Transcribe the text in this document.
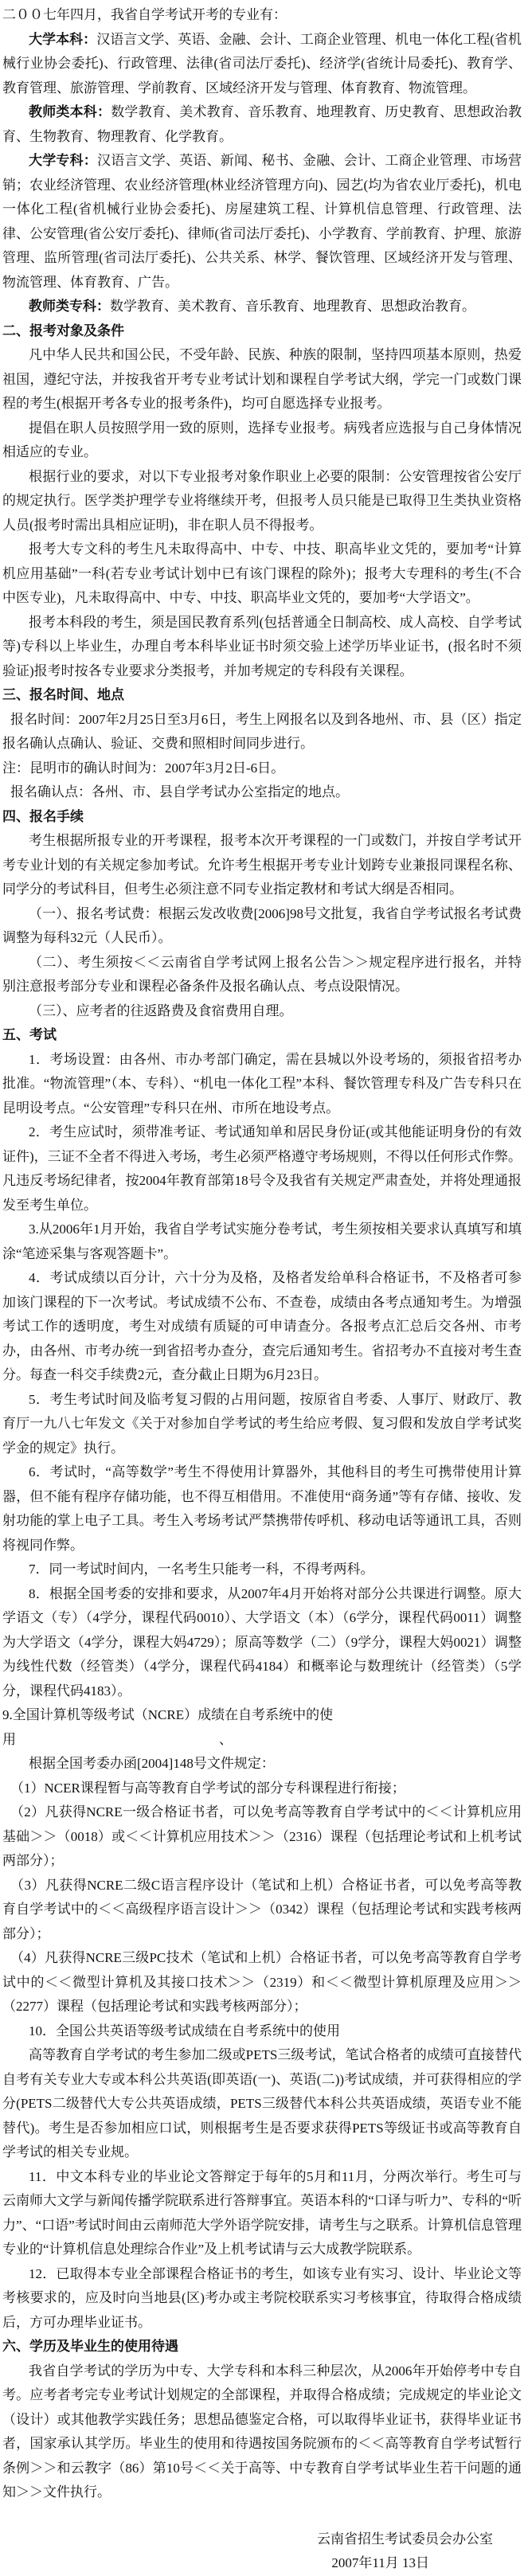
二００七年四月，我省自学考试开考的专业有：

大学本科：汉语言文学、英语、金融、会计、工商企业管理、机电一体化工程(省机械行业协会委托)、行政管理、法律(省司法厅委托)、经济学(省统计局委托)、教育学、教育管理、旅游管理、学前教育、区域经济开发与管理、体育教育、物流管理。

教师类本科：数学教育、美术教育、音乐教育、地理教育、历史教育、思想政治教育、生物教育、物理教育、化学教育。

大学专科：汉语言文学、英语、新闻、秘书、金融、会计、工商企业管理、市场营销；农业经济管理、农业经济管理(林业经济管理方向)、园艺(均为省农业厅委托)，机电一体化工程(省机械行业协会委托)、房屋建筑工程、计算机信息管理、行政管理、法律、公安管理(省公安厅委托)、律师(省司法厅委托)、小学教育、学前教育、护理、旅游管理、监所管理(省司法厅委托)、公共关系、林学、餐饮管理、区域经济开发与管理、物流管理、体育教育、广告。

教师类专科：数学教育、美术教育、音乐教育、地理教育、思想政治教育。

二、报考对象及条件

凡中华人民共和国公民，不受年龄、民族、种族的限制，坚持四项基本原则，热爱祖国，遵纪守法，并按我省开考专业考试计划和课程自学考试大纲，学完一门或数门课程的考生(根据开考各专业的报考条件)，均可自愿选择专业报考。

提倡在职人员按照学用一致的原则，选择专业报考。病残者应选报与自己身体情况相适应的专业。

根据行业的要求，对以下专业报考对象作职业上必要的限制：公安管理按省公安厅的规定执行。医学类护理学专业将继续开考，但报考人员只能是已取得卫生类执业资格人员(报考时需出具相应证明)，非在职人员不得报考。

报考大专文科的考生凡未取得高中、中专、中技、职高毕业文凭的，要加考“计算机应用基础”一科(若专业考试计划中已有该门课程的除外)；报考大专理科的考生(不合中医专业)，凡未取得高中、中专、中技、职高毕业文凭的，要加考“大学语文”。

报考本科段的考生，须是国民教育系列(包括普通全日制高校、成人高校、自学考试等)专科以上毕业生，办理自考本科毕业证书时须交验上述学历毕业证书，(报名时不须验证)报考时按各专业要求分类报考，并加考规定的专科段有关课程。

三、报名时间、地点

报名时间：2007年2月25日至3月6日，考生上网报名以及到各地州、市、县（区）指定报名确认点确认、验证、交费和照相时间同步进行。

注：昆明市的确认时间为：2007年3月2日-6日。

报名确认点：各州、市、县自学考试办公室指定的地点。

四、报名手续

考生根据所报专业的开考课程，报考本次开考课程的一门或数门，并按自学考试开考专业计划的有关规定参加考试。允许考生根据开考专业计划跨专业兼报同课程名称、同学分的考试科目，但考生必须注意不同专业指定教材和考试大纲是否相同。

（一）、报名考试费：根据云发改收费[2006]98号文批复，我省自学考试报名考试费调整为每科32元（人民币）。

（二）、考生须按＜＜云南省自学考试网上报名公告＞＞规定程序进行报名，并特别注意报考部分专业和课程必备条件及报名确认点、考点设限情况。

（三）、应考者的往返路费及食宿费用自理。

五、考试

1．考场设置：由各州、市办考部门确定，需在县城以外设考场的，须报省招考办批准。“物流管理”（本、专科）、“机电一体化工程”本科、餐饮管理专科及广告专科只在昆明设考点。“公安管理”专科只在州、市所在地设考点。

2．考生应试时，须带准考证、考试通知单和居民身份证(或其他能证明身份的有效证件)，三证不全者不得进入考场，考生必须严格遵守考场规则，不得以任何形式作弊。凡违反考场纪律者，按2004年教育部第18号令及我省有关规定严肃查处，并将处理通报发至考生单位。

3.从2006年1月开始，我省自学考试实施分卷考试，考生须按相关要求认真填写和填涂“笔迹采集与客观答题卡”。

4．考试成绩以百分计，六十分为及格，及格者发给单科合格证书，不及格者可参加该门课程的下一次考试。考试成绩不公布、不查卷，成绩由各考点通知考生。为增强考试工作的透明度，考生对成绩有质疑的可申请查分。各报考点汇总后交各州、市考办，由各州、市考办统一到省招考办查分，查完后通知考生。省招考办不直接对考生查分。每查一科交手续费2元，查分截止日期为6月23日。

5．考生考试时间及临考复习假的占用问题，按原省自考委、人事厅、财政厅、教育厅一九八七年发文《关于对参加自学考试的考生给应考假、复习假和发放自学考试奖学金的规定》执行。

6．考试时，“高等数学”考生不得使用计算器外，其他科目的考生可携带使用计算器，但不能有程序存储功能，也不得互相借用。不准使用“商务通”等有存储、接收、发射功能的掌上电子工具。考生入考场考试严禁携带传呼机、移动电话等通讯工具，否则将视同作弊。

7．同一考试时间内，一名考生只能考一科，不得考两科。

8．根据全国考委的安排和要求，从2007年4月开始将对部分公共课进行调整。原大学语文（专）（4学分，课程代码0010）、大学语文（本）（6学分，课程代码0011）调整为大学语文（4学分，课程大妈4729）；原高等数学（二）（9学分，课程大妈0021）调整为线性代数（经管类）（4学分，课程代码4184）和概率论与数理统计（经管类）（5学分，课程代码4183）。

9.全国计算机等级考试（NCRE）成绩在自考系统中的使

用　　　　　　　　　　　　　　　、

根据全国考委办函[2004]148号文件规定：

（1）NCER课程暂与高等教育自学考试的部分专科课程进行衔接；

（2）凡获得NCRE一级合格证书者，可以免考高等教育自学考试中的＜＜计算机应用基础＞＞（0018）或＜＜计算机应用技术＞＞（2316）课程（包括理论考试和上机考试两部分）；

（3）凡获得NCRE二级C语言程序设计（笔试和上机）合格证书者，可以免考高等教育自学考试中的＜＜高级程序语言设计＞＞（0342）课程（包括理论考试和实践考核两部分）；

（4）凡获得NCRE三级PC技术（笔试和上机）合格证书者，可以免考高等教育自学考试中的＜＜微型计算机及其接口技术＞＞（2319）和＜＜微型计算机原理及应用＞＞（2277）课程（包括理论考试和实践考核两部分）；

10．全国公共英语等级考试成绩在自考系统中的使用

高等教育自学考试的考生参加二级或PETS三级考试，笔试合格者的成绩可直接替代自考有关专业大专或本科公共英语(即英语(一)、英语(二))考试成绩，并可获得相应的学分(PETS二级替代大专公共英语成绩，PETS三级替代本科公共英语成绩，英语专业不能替代)。考生是否参加相应口试，则根据考生是否要求获得PETS等级证书或高等教育自学考试的相关专业规。

11．中文本科专业的毕业论文答辩定于每年的5月和11月，分两次举行。考生可与云南师大文学与新闻传播学院联系进行答辩事宜。英语本科的“口译与听力”、专科的“听力”、“口语”考试时间由云南师范大学外语学院安排，请考生与之联系。计算机信息管理专业的“计算机信息处理综合作业”及上机考试请与云大成教学院联系。

12．已取得本专业全部课程合格证书的考生，如该专业有实习、设计、毕业论文等考核要求的，应及时向当地县(区)考办或主考院校联系实习考核事宜，待取得合格成绩后，方可办理毕业证书。

六、学历及毕业生的使用待遇

我省自学考试的学历为中专、大学专科和本科三种层次，从2006年开始停考中专自考。应考者考完专业考试计划规定的全部课程，并取得合格成绩；完成规定的毕业论文（设计）或其他教学实践任务；思想品德鉴定合格，可以取得毕业证书，获得毕业证书者，国家承认其学历。毕业生的使用和待遇按国务院颁布的＜＜高等教育自学考试暂行条例＞＞和云教字（86）第10号＜＜关于高等、中专教育自学考试毕业生若干问题的通知＞＞文件执行。

云南省招生考试委员会办公室

2007年11月 13日
